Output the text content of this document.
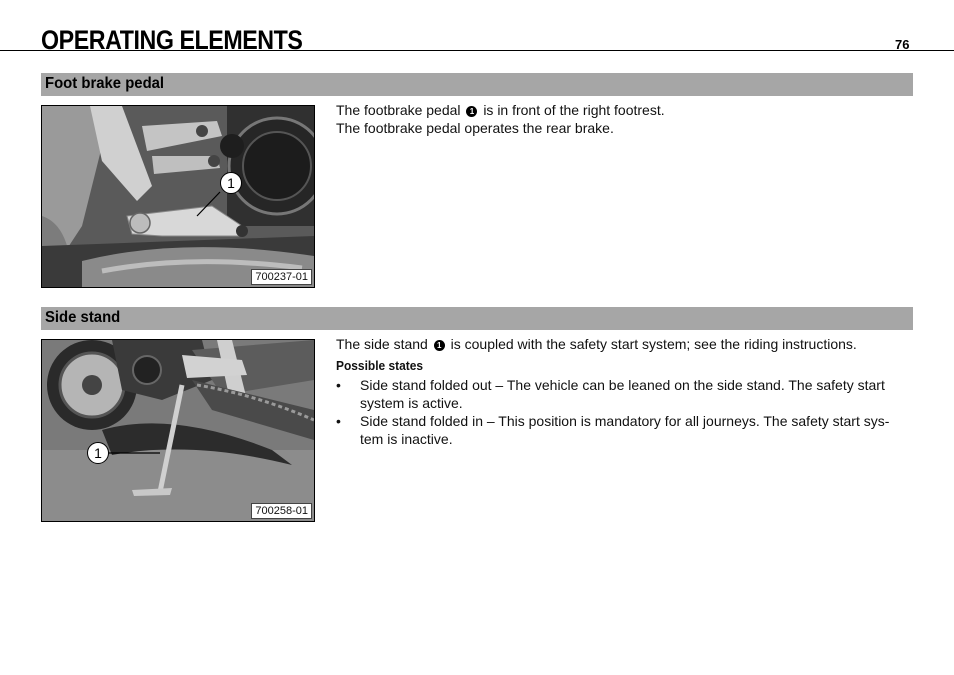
OPERATING ELEMENTS	76
Foot brake pedal
1
700237-01

The footbrake pedal 1 is in front of the right footrest.

The footbrake pedal operates the rear brake.

Side stand
1
700258-01

The side stand 1 is coupled with the safety start system; see the riding instructions.

Possible states

• Side stand folded out – The vehicle can be leaned on the side stand. The safety start
system is active.
• Side stand folded in – This position is mandatory for all journeys. The safety start sys-
tem is inactive.
